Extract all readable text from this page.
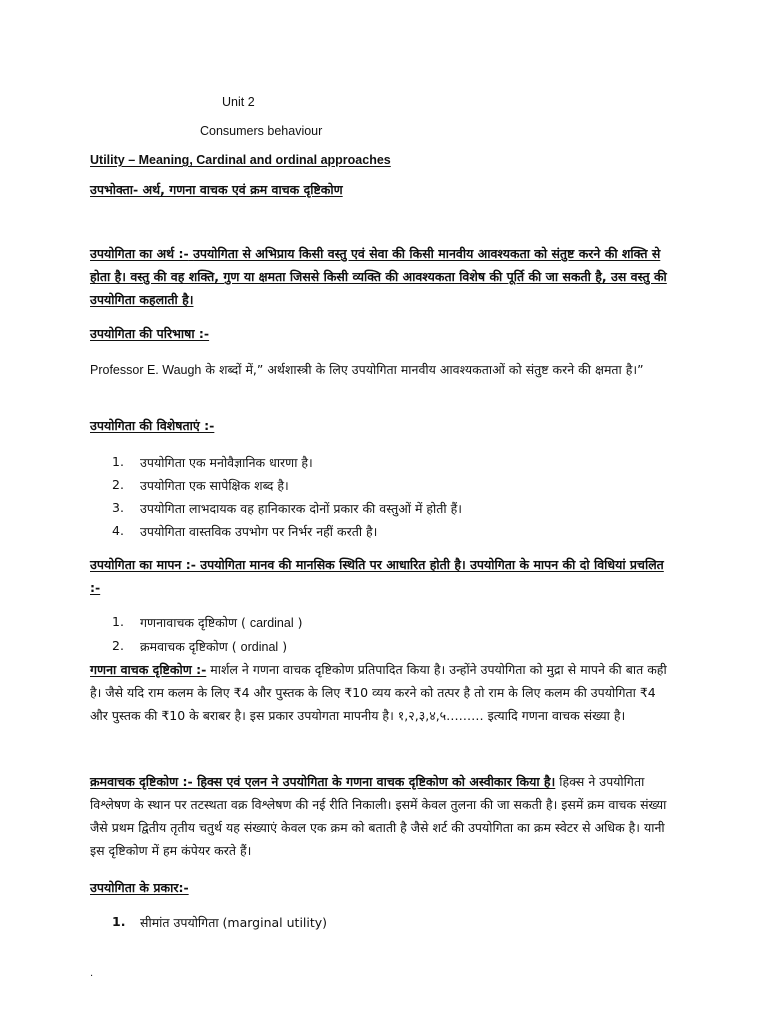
Unit 2
Consumers behaviour
Utility – Meaning, Cardinal and ordinal approaches
उपभोक्ता- अर्थ, गणना वाचक एवं क्रम वाचक दृष्टिकोण
उपयोगिता का अर्थ :- उपयोगिता से अभिप्राय किसी वस्तु एवं सेवा की किसी मानवीय आवश्यकता को संतुष्ट करने की शक्ति से होता है। वस्तु की वह शक्ति, गुण या क्षमता जिससे किसी व्यक्ति की आवश्यकता विशेष की पूर्ति की जा सकती है, उस वस्तु की उपयोगिता कहलाती है।
उपयोगिता की परिभाषा :-
Professor E. Waugh के शब्दों में,” अर्थशास्त्री के लिए उपयोगिता मानवीय आवश्यकताओं को संतुष्ट करने की क्षमता है।”
उपयोगिता की विशेषताएं :-
1. उपयोगिता एक मनोवैज्ञानिक धारणा है।
2. उपयोगिता एक सापेक्षिक शब्द है।
3. उपयोगिता लाभदायक वह हानिकारक दोनों प्रकार की वस्तुओं में होती हैं।
4. उपयोगिता वास्तविक उपभोग पर निर्भर नहीं करती है।
उपयोगिता का मापन :- उपयोगिता मानव की मानसिक स्थिति पर आधारित होती है। उपयोगिता के मापन की दो विधियां प्रचलित :-
1. गणनावाचक दृष्टिकोण ( cardinal )
2. क्रमवाचक दृष्टिकोण ( ordinal )
गणना वाचक दृष्टिकोण :- मार्शल ने गणना वाचक दृष्टिकोण प्रतिपादित किया है। उन्होंने उपयोगिता को मुद्रा से मापने की बात कही है। जैसे यदि राम कलम के लिए ₹4 और पुस्तक के लिए ₹10 व्यय करने को तत्पर है तो राम के लिए कलम की उपयोगिता ₹4 और पुस्तक की ₹10 के बराबर है। इस प्रकार उपयोगता मापनीय है। १,२,३,४,५……… इत्यादि गणना वाचक संख्या है।
क्रमवाचक दृष्टिकोण :- हिक्स एवं एलन ने उपयोगिता के गणना वाचक दृष्टिकोण को अस्वीकार किया है। हिक्स ने उपयोगिता विश्लेषण के स्थान पर तटस्थता वक्र विश्लेषण की नई रीति निकाली। इसमें केवल तुलना की जा सकती है। इसमें क्रम वाचक संख्या जैसे प्रथम द्वितीय तृतीय चतुर्थ यह संख्याएं केवल एक क्रम को बताती है जैसे शर्ट की उपयोगिता का क्रम स्वेटर से अधिक है। यानी इस दृष्टिकोण में हम कंपेयर करते हैं।
उपयोगिता के प्रकार:-
1. सीमांत उपयोगिता (marginal utility)
.
